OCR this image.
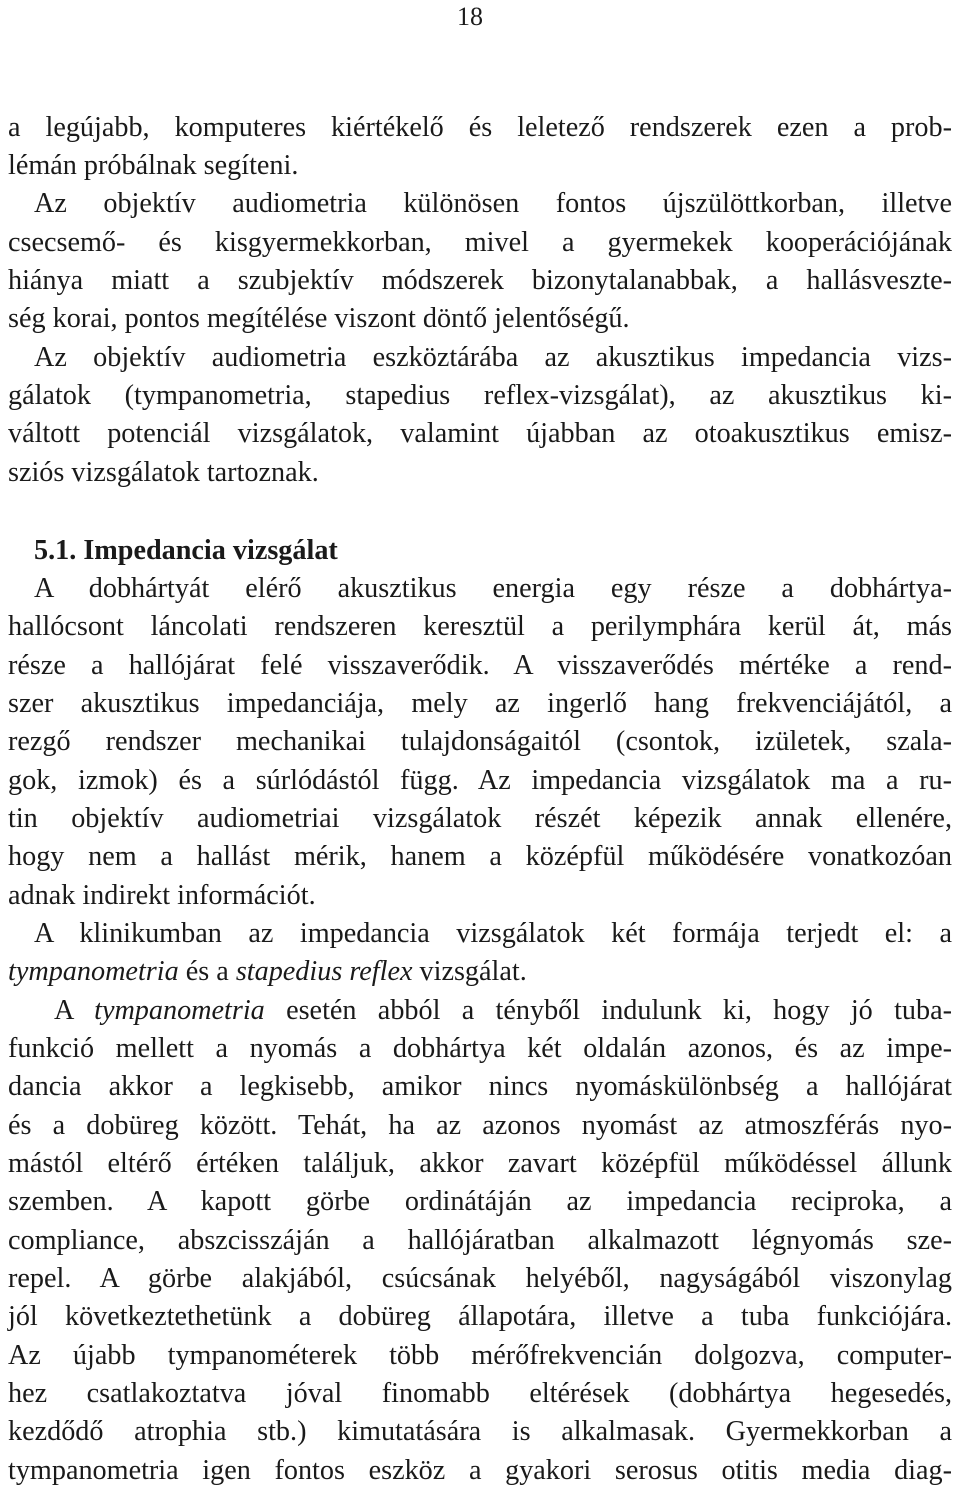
18
a legújabb, komputeres kiértékelő és leletező rendszerek ezen a prob-
lémán próbálnak segíteni.
Az objektív audiometria különösen fontos újszülöttkorban, illetve
csecsemő- és kisgyermekkorban, mivel a gyermekek kooperációjának
hiánya miatt a szubjektív módszerek bizonytalanabbak, a hallásveszte-
ség korai, pontos megítélése viszont döntő jelentőségű.
Az objektív audiometria eszköztárába az akusztikus impedancia vizs-
gálatok (tympanometria, stapedius reflex-vizsgálat), az akusztikus ki-
váltott potenciál vizsgálatok, valamint újabban az otoakusztikus emisz-
sziós vizsgálatok tartoznak.
5.1. Impedancia vizsgálat
A dobhártyát elérő akusztikus energia egy része a dobhártya-
hallócsont láncolati rendszeren keresztül a perilymphára kerül át, más
része a hallójárat felé visszaverődik. A visszaverődés mértéke a rend-
szer akusztikus impedanciája, mely az ingerlő hang frekvenciájától, a
rezgő rendszer mechanikai tulajdonságaitól (csontok, izületek, szala-
gok, izmok) és a súrlódástól függ. Az impedancia vizsgálatok ma a ru-
tin objektív audiometriai vizsgálatok részét képezik annak ellenére,
hogy nem a hallást mérik, hanem a középfül működésére vonatkozóan
adnak indirekt információt.
A klinikumban az impedancia vizsgálatok két formája terjedt el: a
tympanometria és a stapedius reflex vizsgálat.
A tympanometria esetén abból a tényből indulunk ki, hogy jó tuba-
funkció mellett a nyomás a dobhártya két oldalán azonos, és az impe-
dancia akkor a legkisebb, amikor nincs nyomáskülönbség a hallójárat
és a dobüreg között. Tehát, ha az azonos nyomást az atmoszférás nyo-
mástól eltérő értéken találjuk, akkor zavart középfül működéssel állunk
szemben. A kapott görbe ordinátáján az impedancia reciproka, a
compliance, abszcisszáján a hallójáratban alkalmazott légnyomás sze-
repel. A görbe alakjából, csúcsának helyéből, nagyságából viszonylag
jól következtethetünk a dobüreg állapotára, illetve a tuba funkciójára.
Az újabb tympanométerek több mérőfrekvencián dolgozva, computer-
hez csatlakoztatva jóval finomabb eltérések (dobhártya hegesedés,
kezdődő atrophia stb.) kimutatására is alkalmasak. Gyermekkorban a
tympanometria igen fontos eszköz a gyakori serosus otitis media diag-
